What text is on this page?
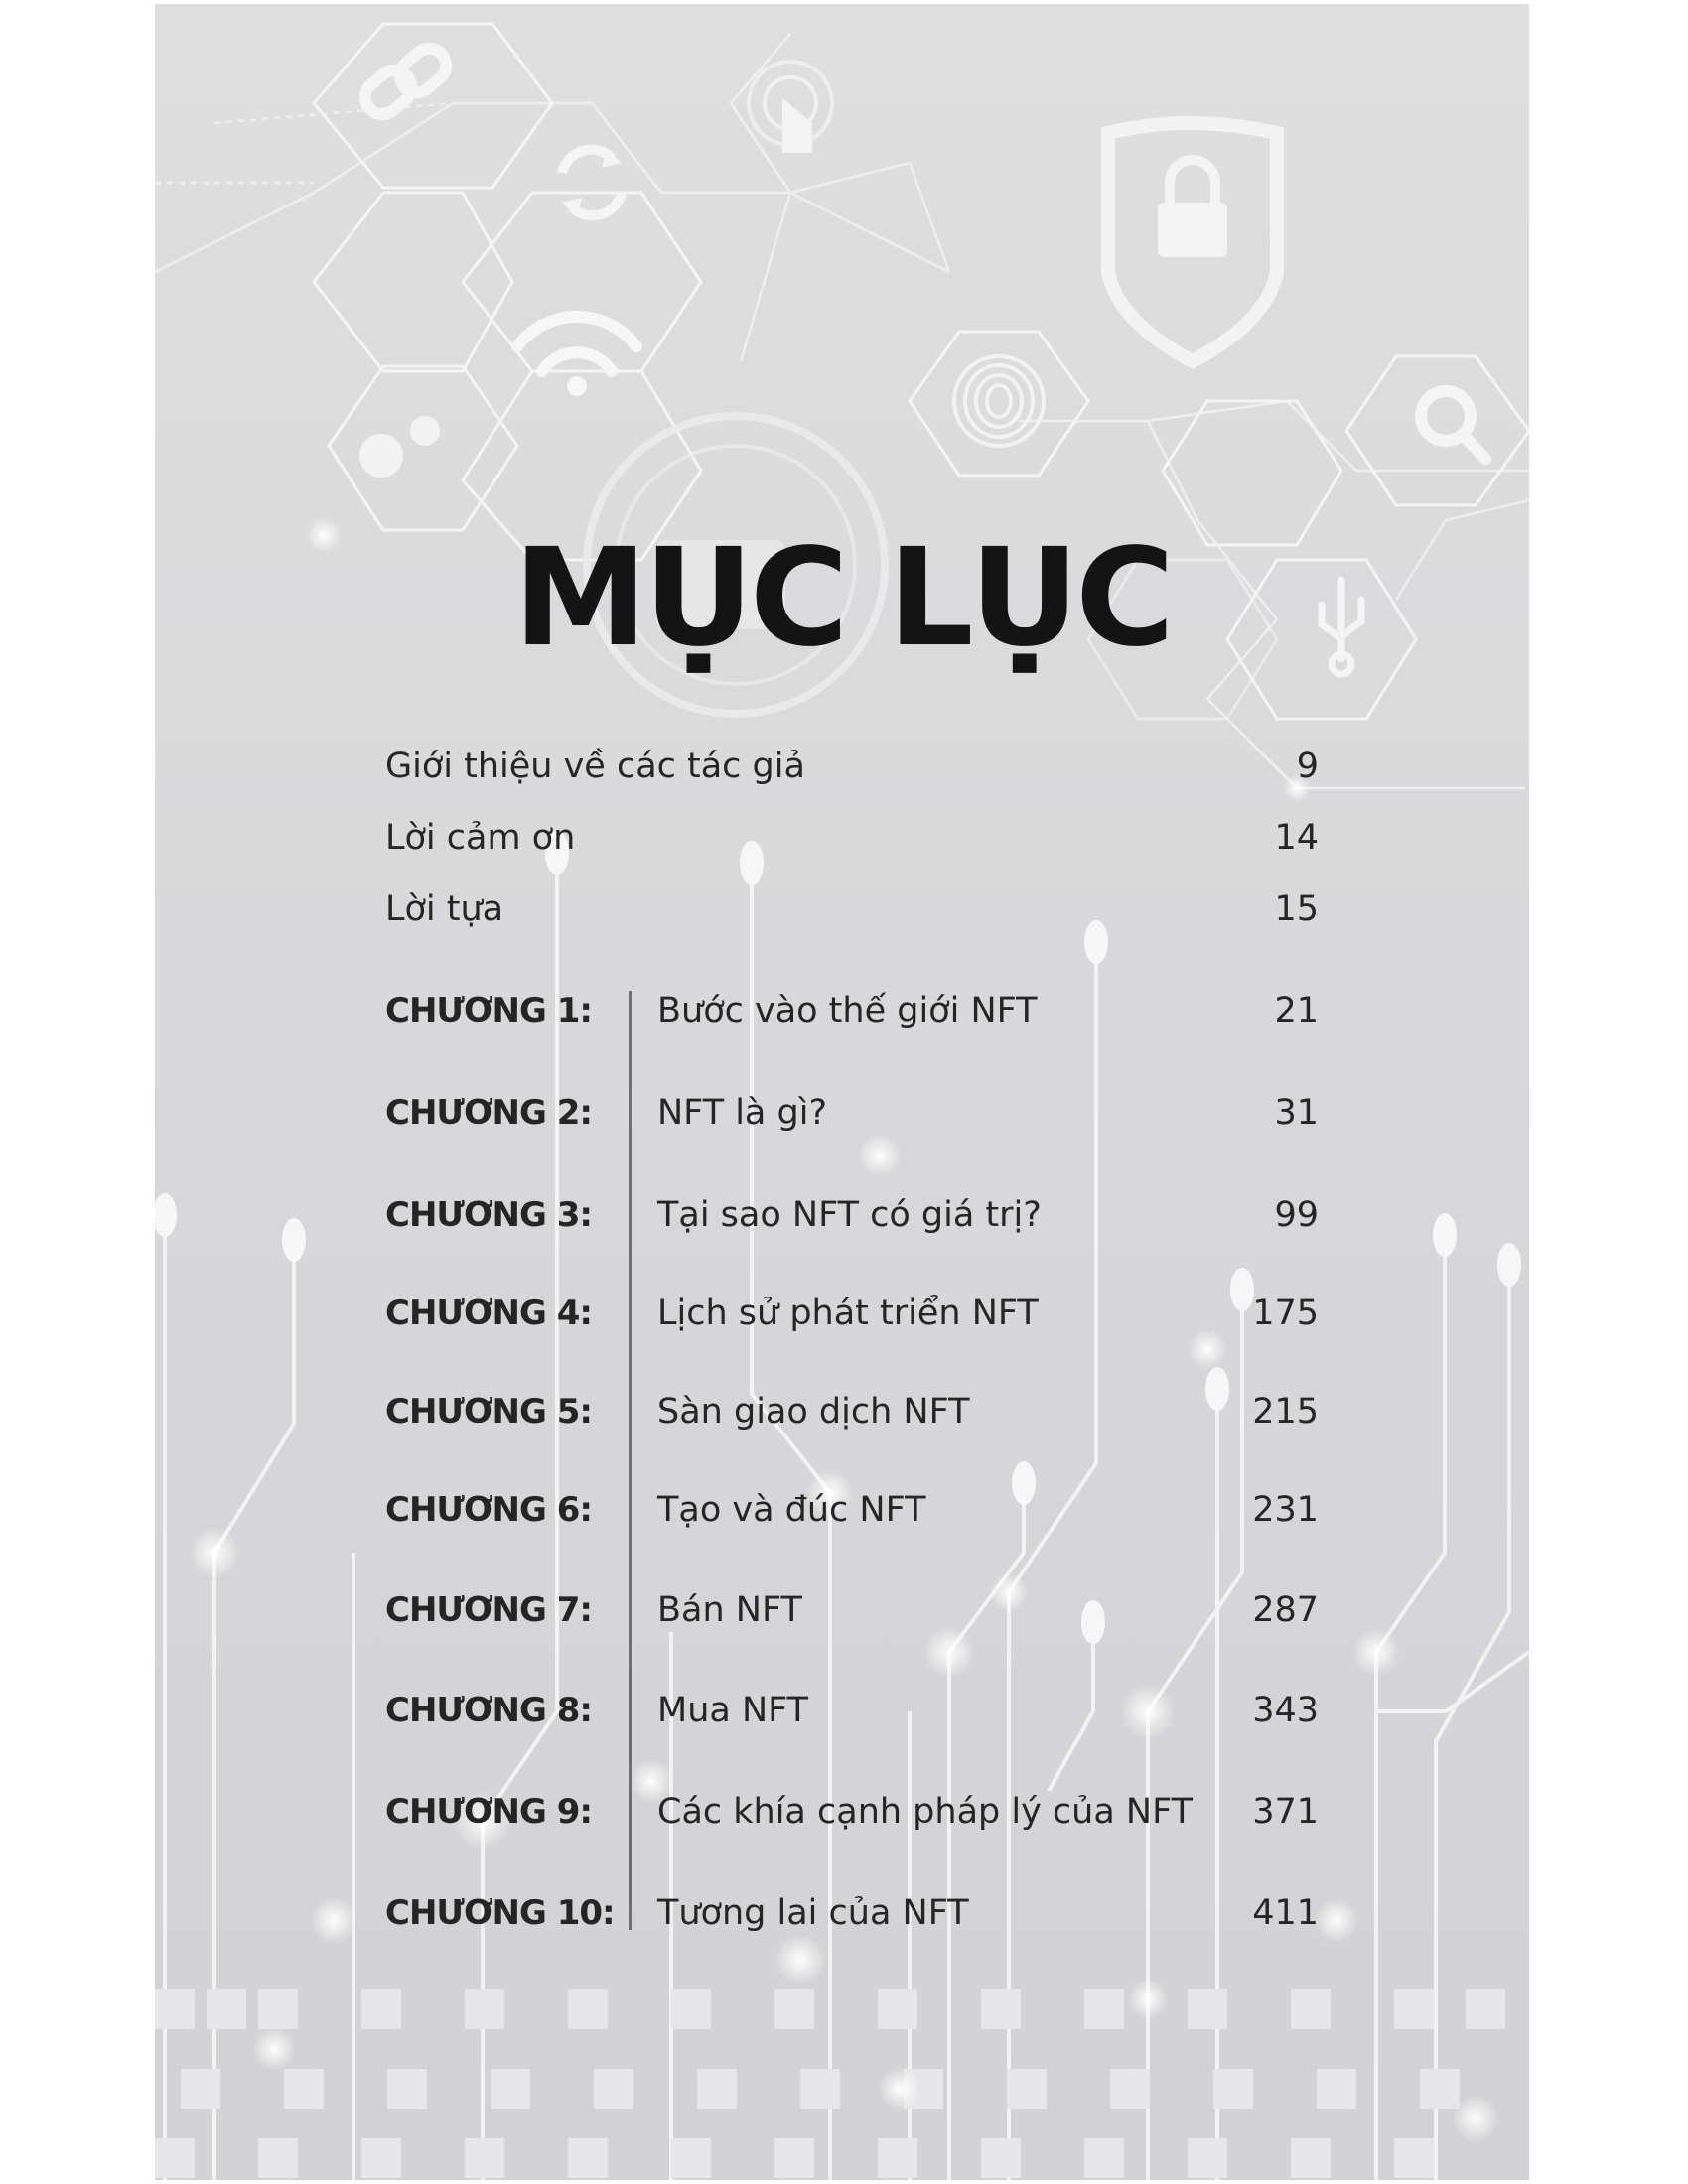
MỤC LỤC
Giới thiệu về các tác giả	9
Lời cảm ơn	14
Lời tựa	15
CHƯƠNG 1: Bước vào thế giới NFT	21
CHƯƠNG 2: NFT là gì?	31
CHƯƠNG 3: Tại sao NFT có giá trị?	99
CHƯƠNG 4: Lịch sử phát triển NFT	175
CHƯƠNG 5: Sàn giao dịch NFT	215
CHƯƠNG 6: Tạo và đúc NFT	231
CHƯƠNG 7: Bán NFT	287
CHƯƠNG 8: Mua NFT	343
CHƯƠNG 9: Các khía cạnh pháp lý của NFT 371
CHƯƠNG 10: Tương lai của NFT	411
